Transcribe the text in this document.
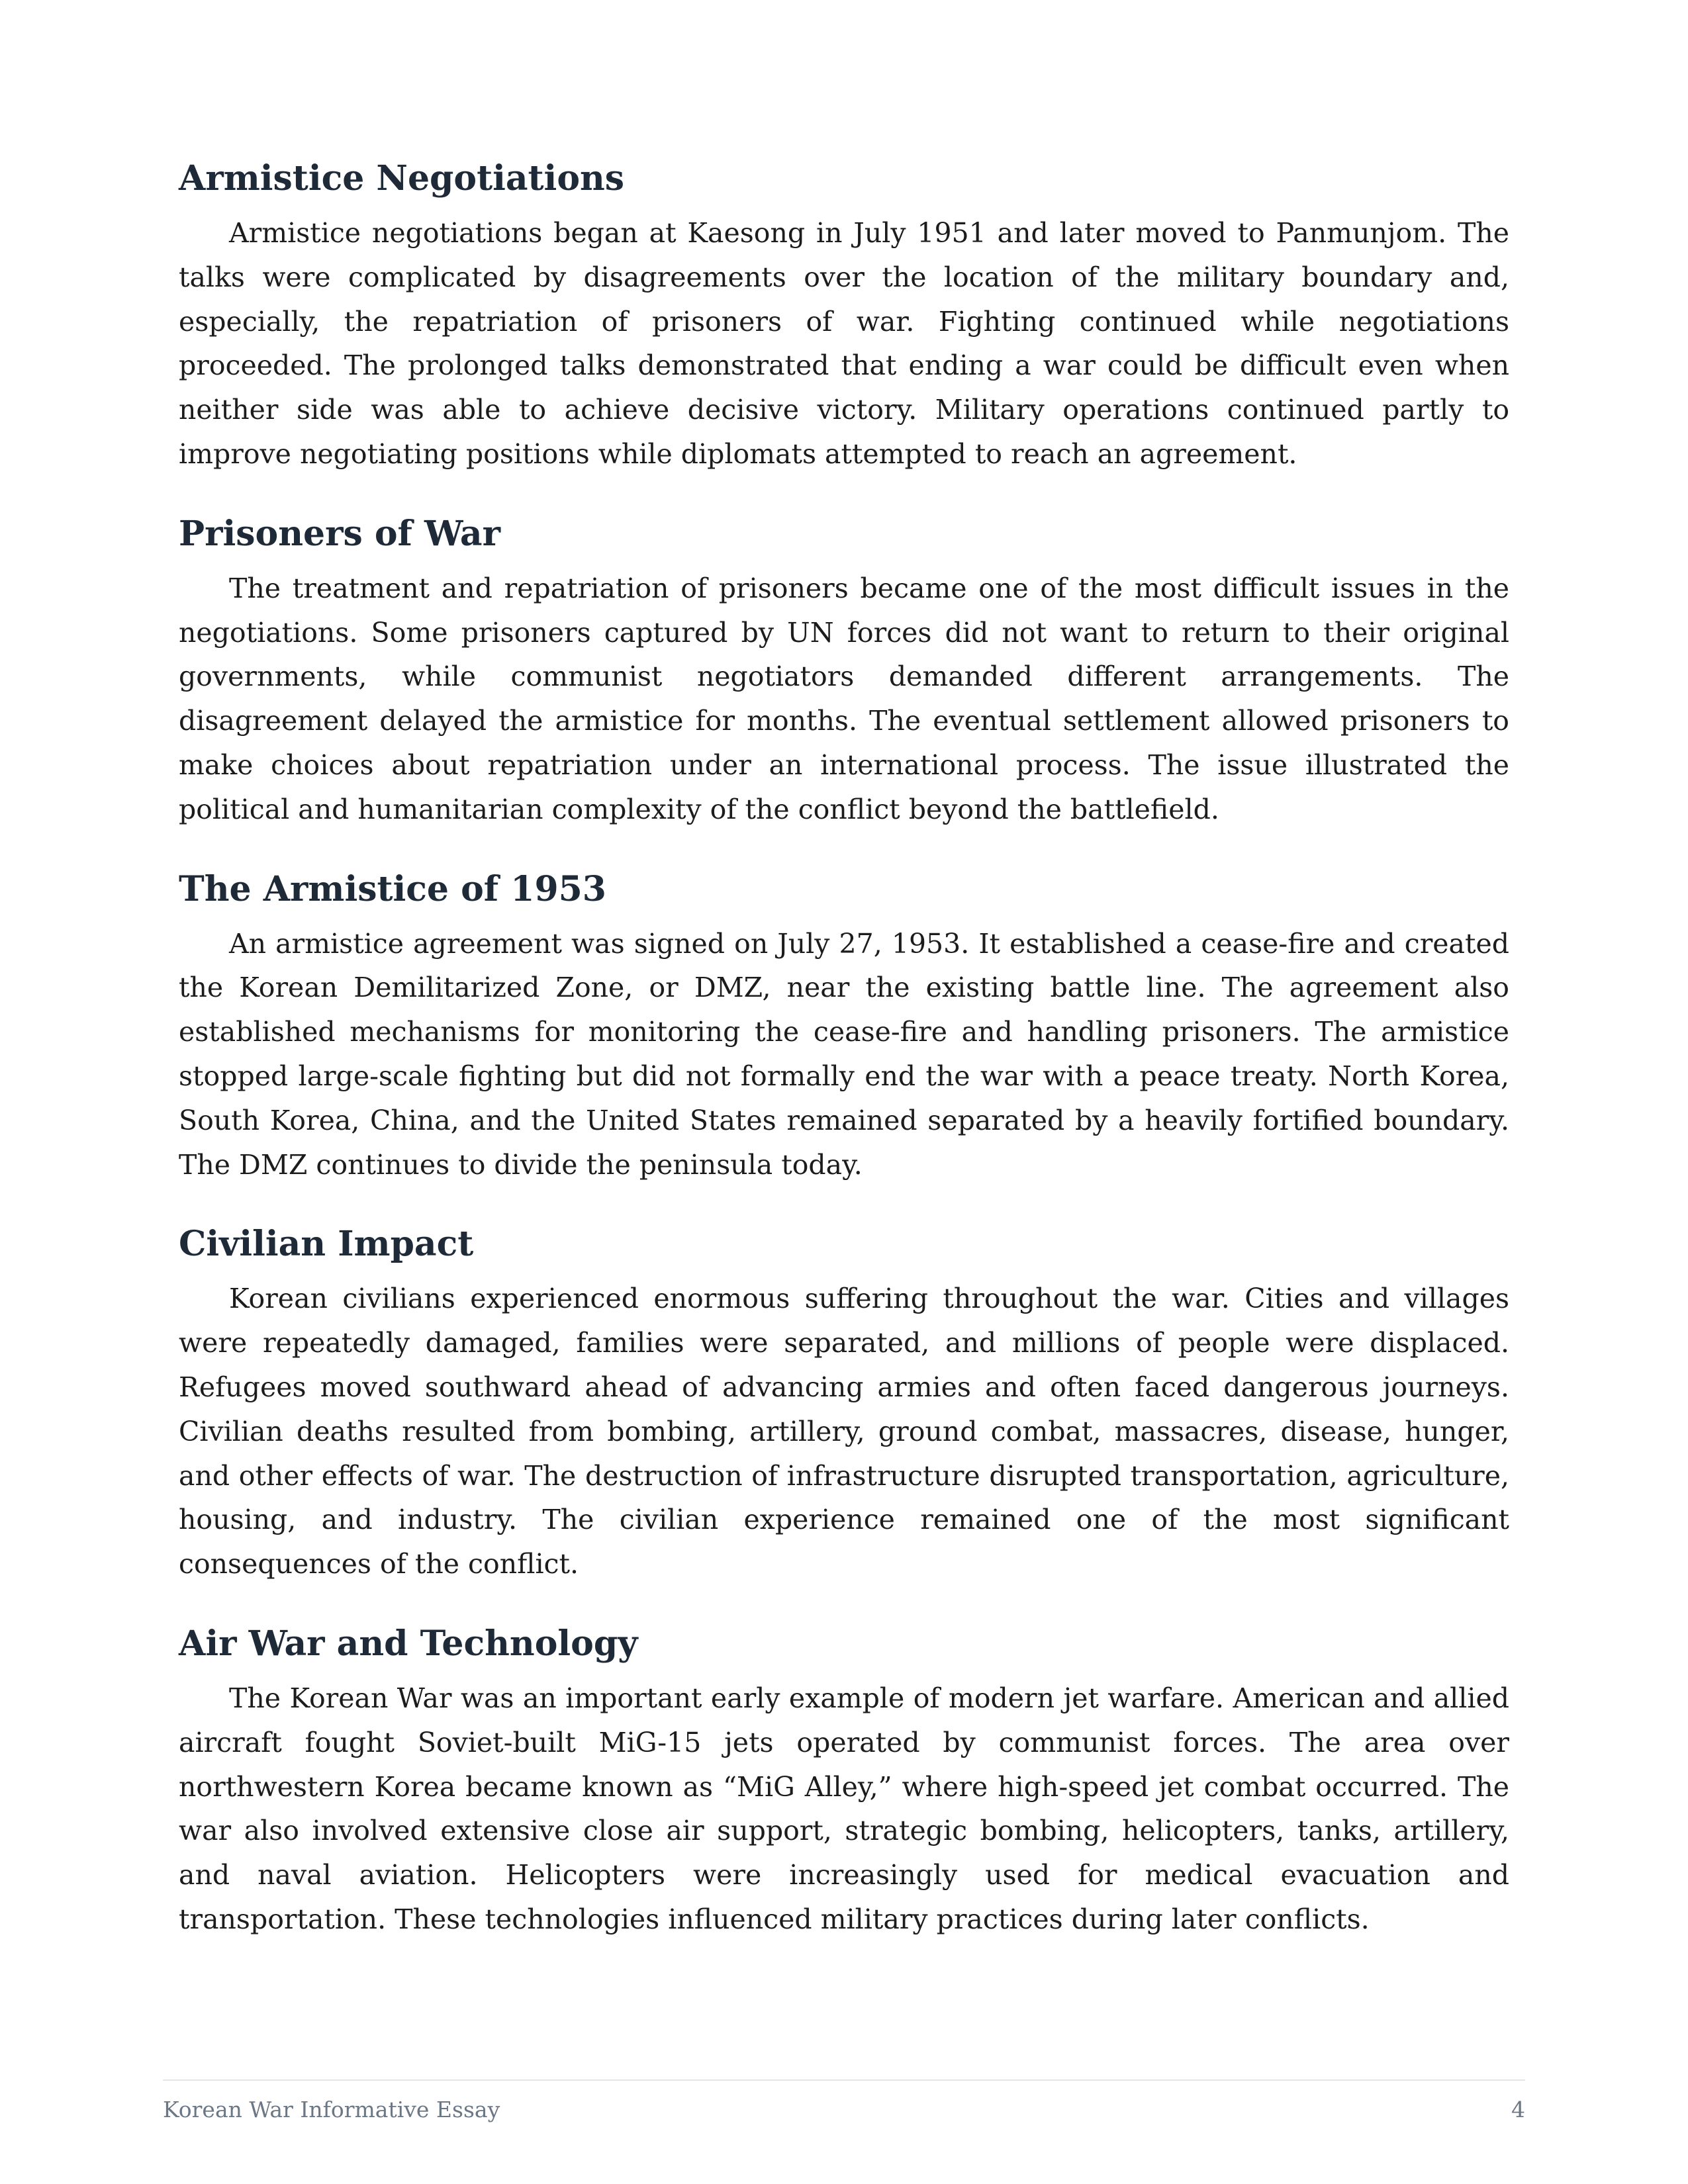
Armistice Negotiations

Armistice negotiations began at Kaesong in July 1951 and later moved to Panmunjom. The talks were complicated by disagreements over the location of the military boundary and, especially, the repatriation of prisoners of war. Fighting continued while negotiations proceeded. The prolonged talks demonstrated that ending a war could be difficult even when neither side was able to achieve decisive victory. Military operations continued partly to improve negotiating positions while diplomats attempted to reach an agreement.

Prisoners of War

The treatment and repatriation of prisoners became one of the most difficult issues in the negotiations. Some prisoners captured by UN forces did not want to return to their original governments, while communist negotiators demanded different arrangements. The disagreement delayed the armistice for months. The eventual settlement allowed prisoners to make choices about repatriation under an international process. The issue illustrated the political and humanitarian complexity of the conflict beyond the battlefield.

The Armistice of 1953

An armistice agreement was signed on July 27, 1953. It established a cease-fire and created the Korean Demilitarized Zone, or DMZ, near the existing battle line. The agreement also established mechanisms for monitoring the cease-fire and handling prisoners. The armistice stopped large-scale fighting but did not formally end the war with a peace treaty. North Korea, South Korea, China, and the United States remained separated by a heavily fortified boundary. The DMZ continues to divide the peninsula today.

Civilian Impact

Korean civilians experienced enormous suffering throughout the war. Cities and villages were repeatedly damaged, families were separated, and millions of people were displaced. Refugees moved southward ahead of advancing armies and often faced dangerous journeys. Civilian deaths resulted from bombing, artillery, ground combat, massacres, disease, hunger, and other effects of war. The destruction of infrastructure disrupted transportation, agriculture, housing, and industry. The civilian experience remained one of the most significant consequences of the conflict.

Air War and Technology

The Korean War was an important early example of modern jet warfare. American and allied aircraft fought Soviet-built MiG-15 jets operated by communist forces. The area over northwestern Korea became known as “MiG Alley,” where high-speed jet combat occurred. The war also involved extensive close air support, strategic bombing, helicopters, tanks, artillery, and naval aviation. Helicopters were increasingly used for medical evacuation and transportation. These technologies influenced military practices during later conflicts.

Korean War Informative Essay	4
